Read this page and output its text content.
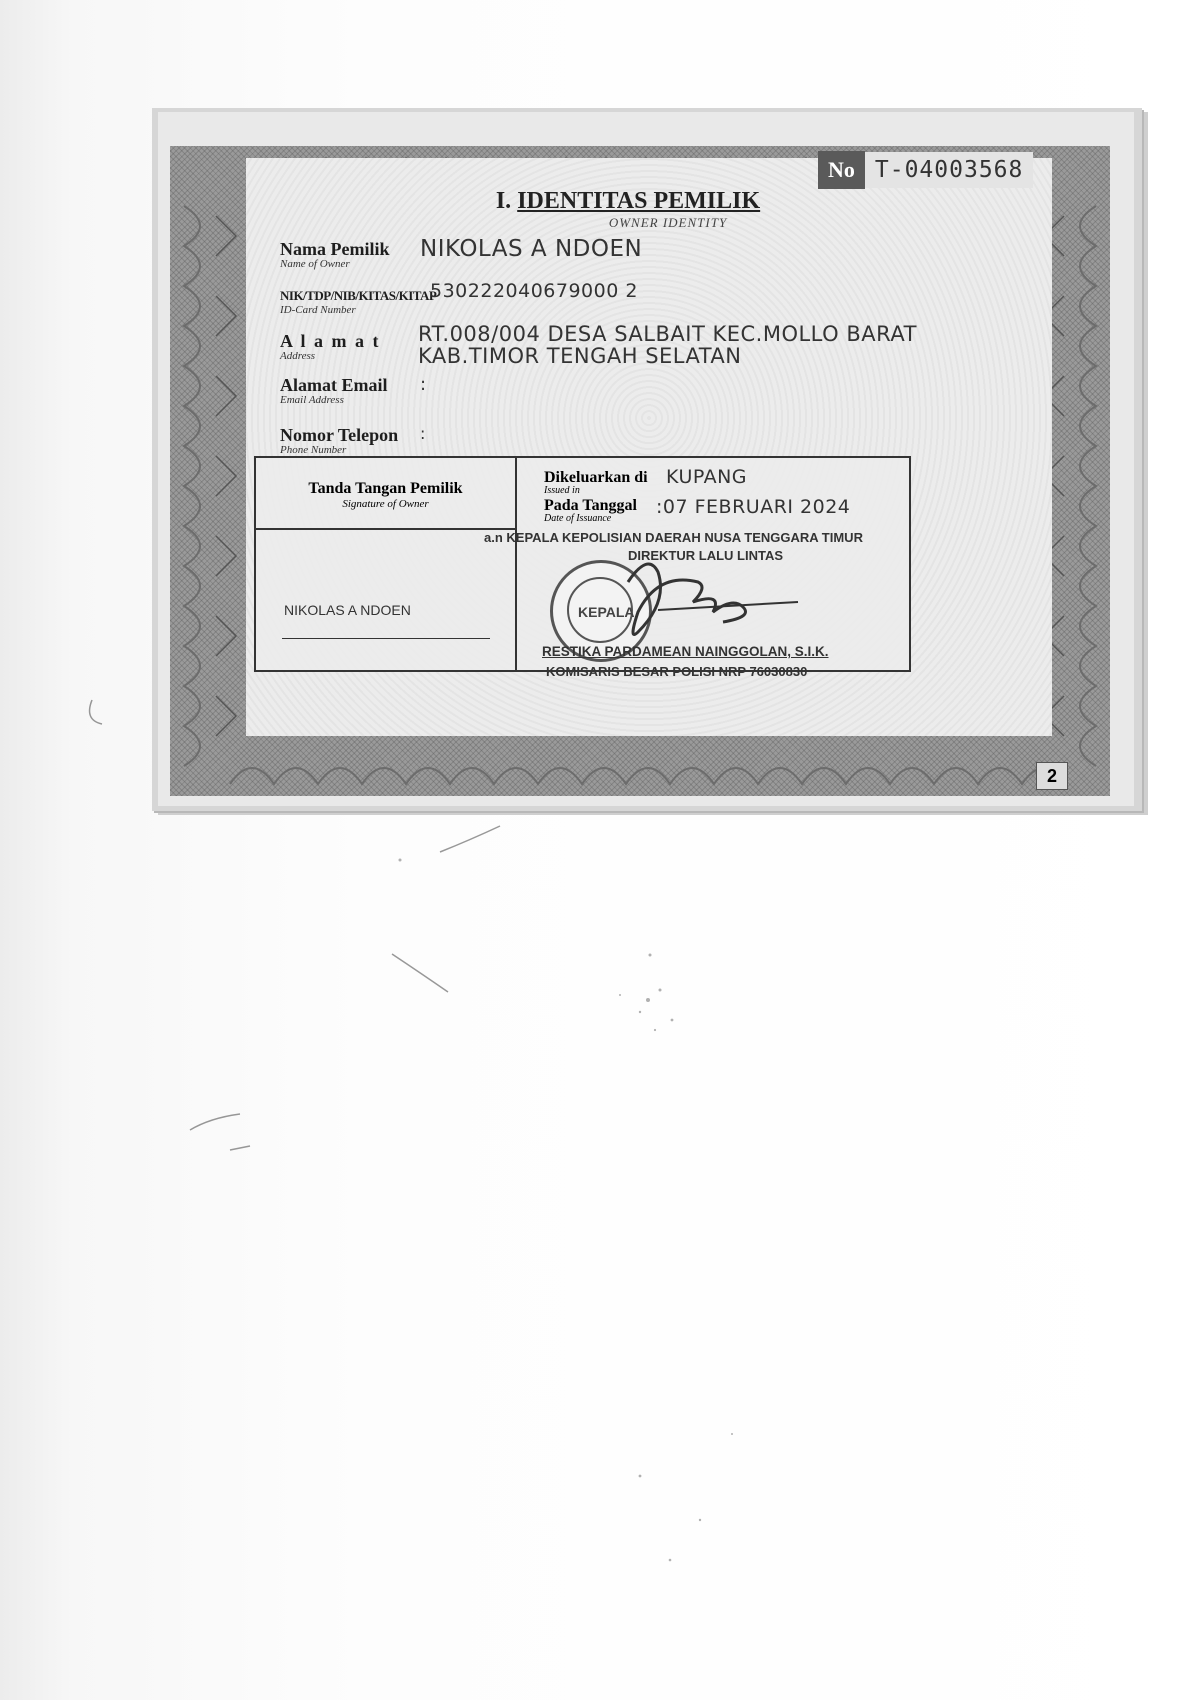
No T-04003568
I. IDENTITAS PEMILIK
OWNER IDENTITY
Nama Pemilik
Name of Owner
NIKOLAS A NDOEN
NIK/TDP/NIB/KITAS/KITAP
ID-Card Number
530222040679000 2
A l a m a t
Address
RT.008/004 DESA SALBAIT KEC.MOLLO BARAT
KAB.TIMOR TENGAH SELATAN
Alamat Email
Email Address
:
Nomor Telepon
Phone Number
:
Tanda Tangan Pemilik
Signature of Owner
NIKOLAS A NDOEN
Dikeluarkan di
Issued in
KUPANG
Pada Tanggal
Date of Issuance
:07 FEBRUARI 2024
a.n KEPALA KEPOLISIAN DAERAH NUSA TENGGARA TIMUR
DIREKTUR LALU LINTAS
KEPALA
RESTIKA PARDAMEAN NAINGGOLAN, S.I.K.
KOMISARIS BESAR POLISI NRP 76030830
2
